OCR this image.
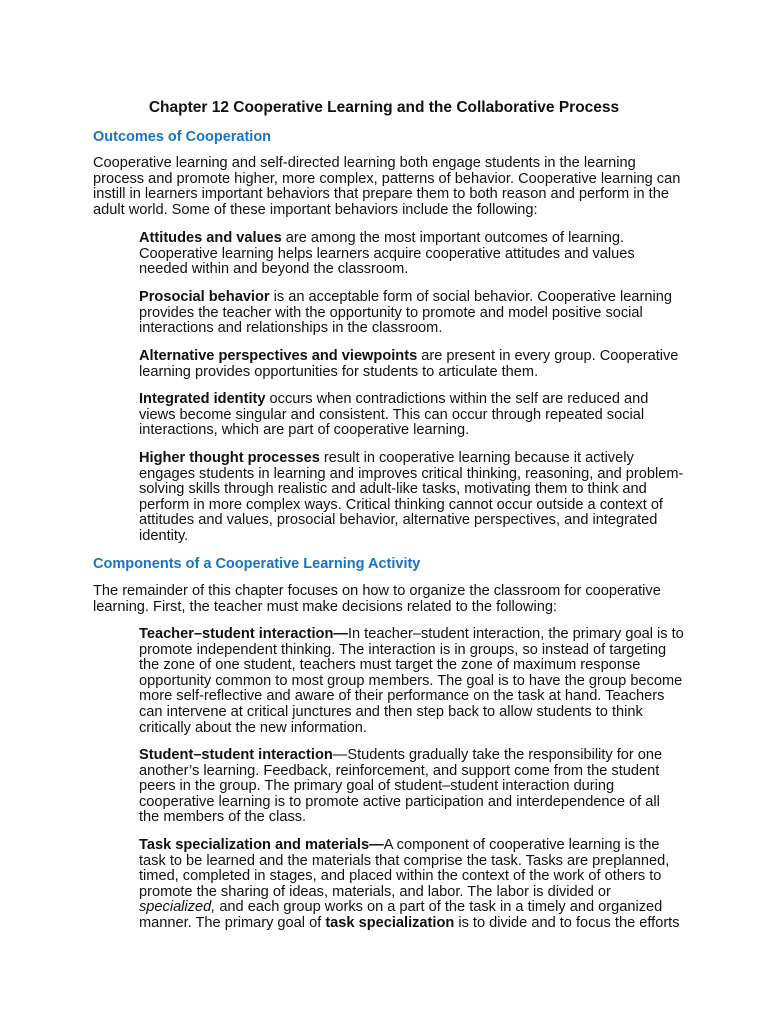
Chapter 12 Cooperative Learning and the Collaborative Process
Outcomes of Cooperation

Cooperative learning and self-directed learning both engage students in the learning process and promote higher, more complex, patterns of behavior. Cooperative learning can instill in learners important behaviors that prepare them to both reason and perform in the adult world. Some of these important behaviors include the following:

Attitudes and values are among the most important outcomes of learning. Cooperative learning helps learners acquire cooperative attitudes and values needed within and beyond the classroom.

Prosocial behavior is an acceptable form of social behavior. Cooperative learning provides the teacher with the opportunity to promote and model positive social interactions and relationships in the classroom.

Alternative perspectives and viewpoints are present in every group. Cooperative learning provides opportunities for students to articulate them.

Integrated identity occurs when contradictions within the self are reduced and views become singular and consistent. This can occur through repeated social interactions, which are part of cooperative learning.

Higher thought processes result in cooperative learning because it actively engages students in learning and improves critical thinking, reasoning, and problem-solving skills through realistic and adult-like tasks, motivating them to think and perform in more complex ways. Critical thinking cannot occur outside a context of attitudes and values, prosocial behavior, alternative perspectives, and integrated identity.

Components of a Cooperative Learning Activity

The remainder of this chapter focuses on how to organize the classroom for cooperative learning. First, the teacher must make decisions related to the following:

Teacher–student interaction—In teacher–student interaction, the primary goal is to promote independent thinking. The interaction is in groups, so instead of targeting the zone of one student, teachers must target the zone of maximum response opportunity common to most group members. The goal is to have the group become more self-reflective and aware of their performance on the task at hand. Teachers can intervene at critical junctures and then step back to allow students to think critically about the new information.

Student–student interaction—Students gradually take the responsibility for one another’s learning. Feedback, reinforcement, and support come from the student peers in the group. The primary goal of student–student interaction during cooperative learning is to promote active participation and interdependence of all the members of the class.

Task specialization and materials—A component of cooperative learning is the task to be learned and the materials that comprise the task. Tasks are preplanned, timed, completed in stages, and placed within the context of the work of others to promote the sharing of ideas, materials, and labor. The labor is divided or specialized, and each group works on a part of the task in a timely and organized manner. The primary goal of task specialization is to divide and to focus the efforts
